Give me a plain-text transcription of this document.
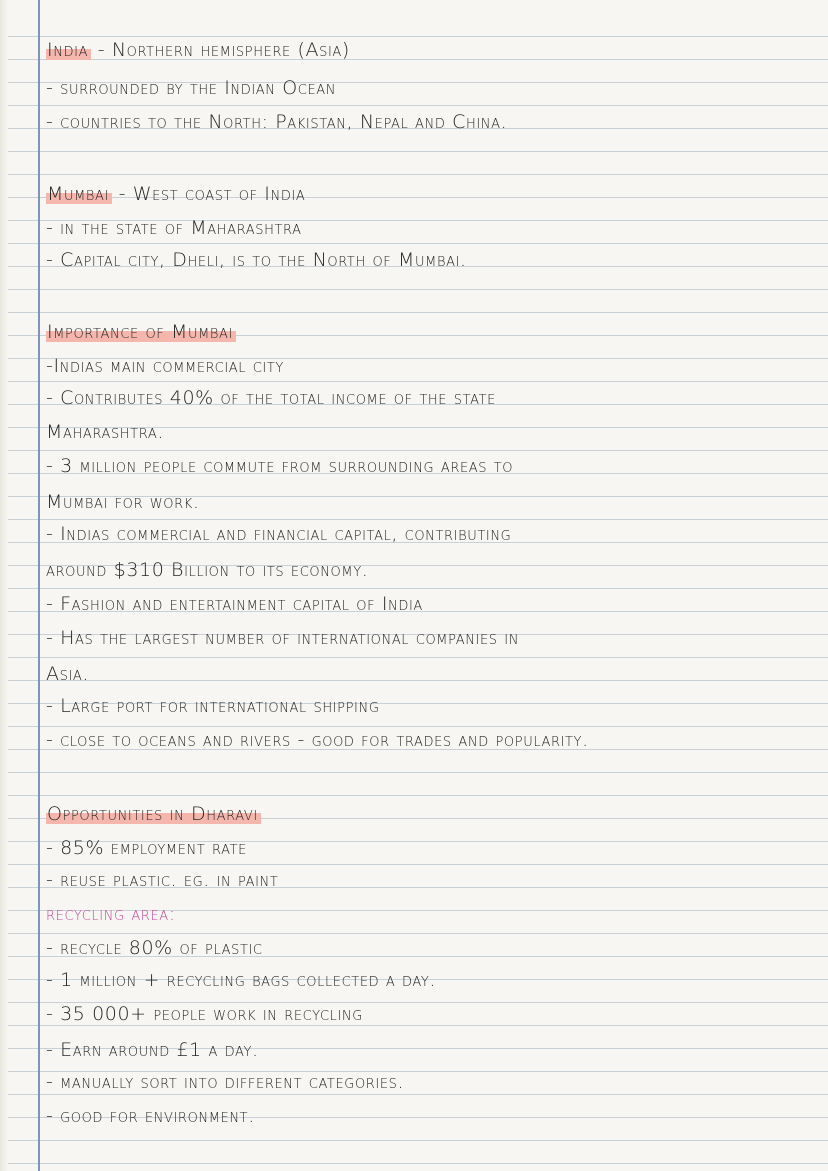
India - Northern hemisphere (Asia)
- surrounded by the Indian Ocean
- countries to the North: Pakistan, Nepal and China.
Mumbai - West coast of India
- in the state of Maharashtra
- Capital city, Dheli, is to the North of Mumbai.
Importance of Mumbai
-Indias main commercial city
- Contributes 40% of the total income of the state
Maharashtra.
- 3 million people commute from surrounding areas to
Mumbai for work.
- Indias commercial and financial capital, contributing
around $310 Billion to its economy.
- Fashion and entertainment capital of India
- Has the largest number of international companies in
Asia.
- Large port for international shipping
- close to oceans and rivers - good for trades and popularity.
Opportunities in Dharavi
- 85% employment rate
- reuse plastic. eg. in paint
recycling area:
- recycle 80% of plastic
- 1 million + recycling bags collected a day.
- 35 000+ people work in recycling
- Earn around £1 a day.
- manually sort into different categories.
- good for environment.
